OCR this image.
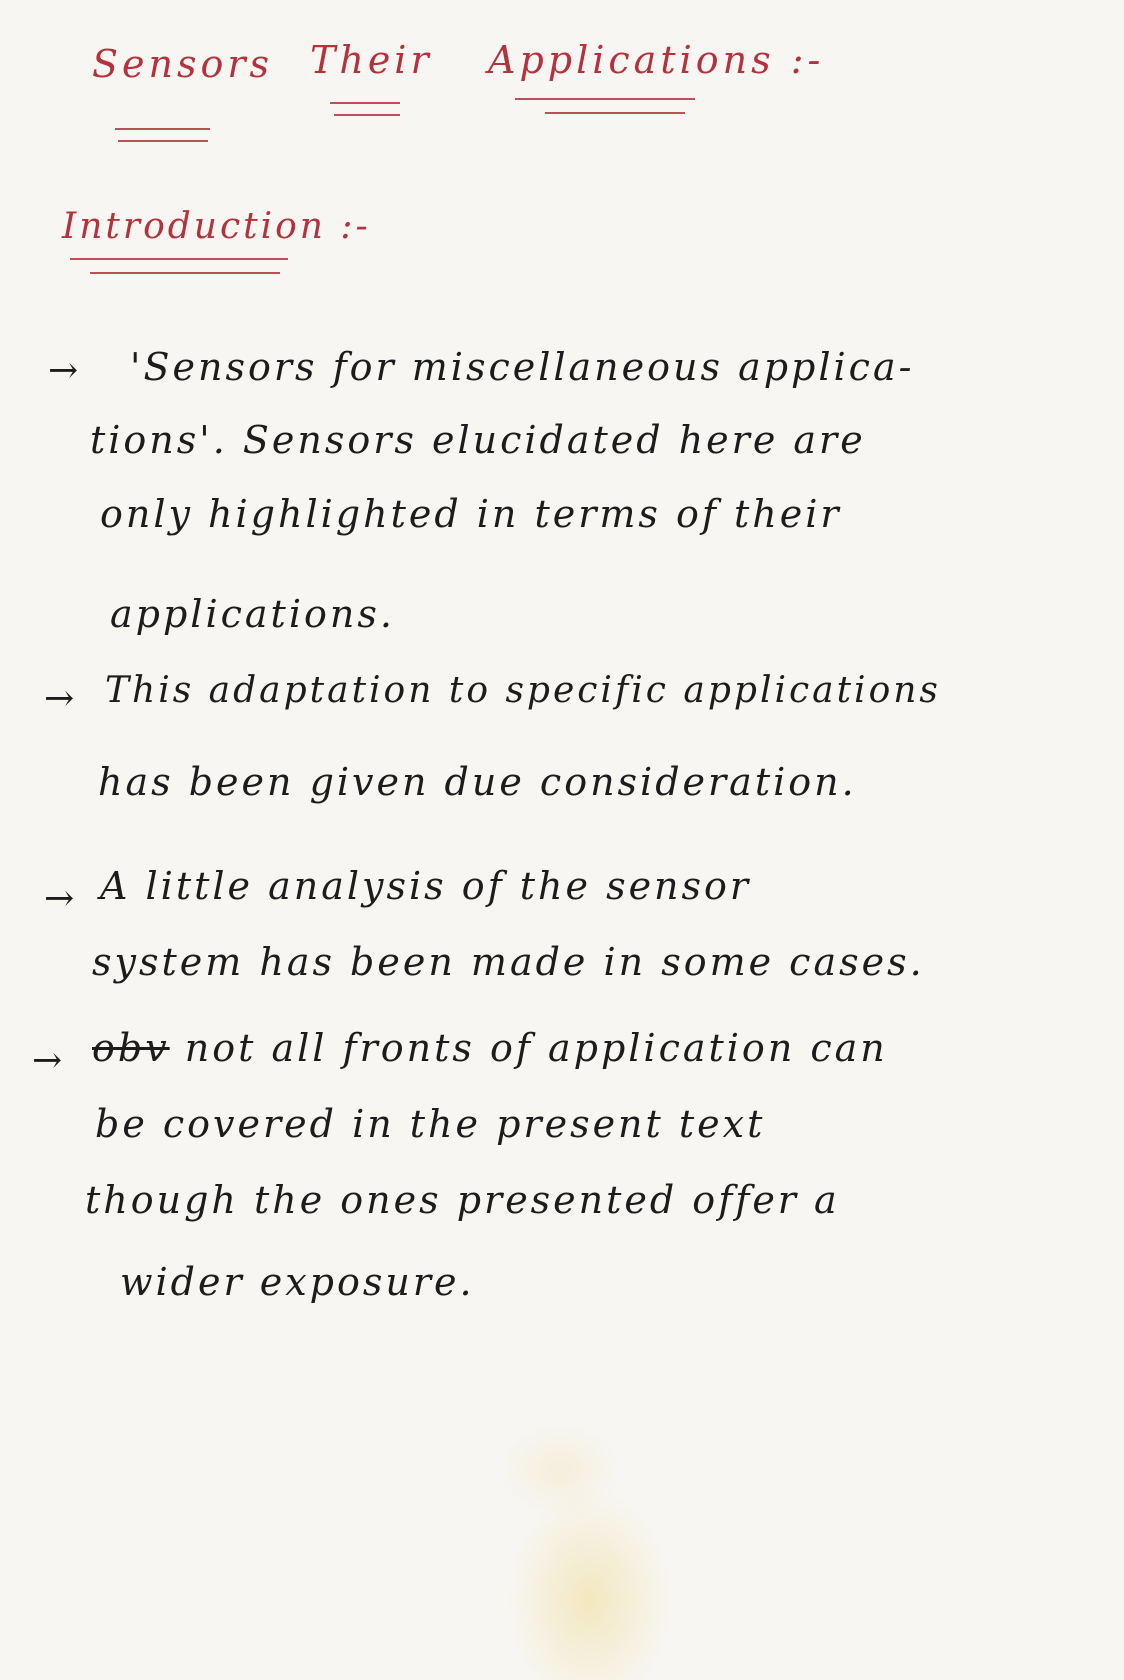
Sensors Their Applications :-
Introduction :-
→ 'Sensors for miscellaneous applica-
tions'. Sensors elucidated here are
only highlighted in terms of their
applications.
→ This adaptation to specific applications
has been given due consideration.
→ A little analysis of the sensor
system has been made in some cases.
→ obv not all fronts of application can
be covered in the present text
though the ones presented offer a
wider exposure.
